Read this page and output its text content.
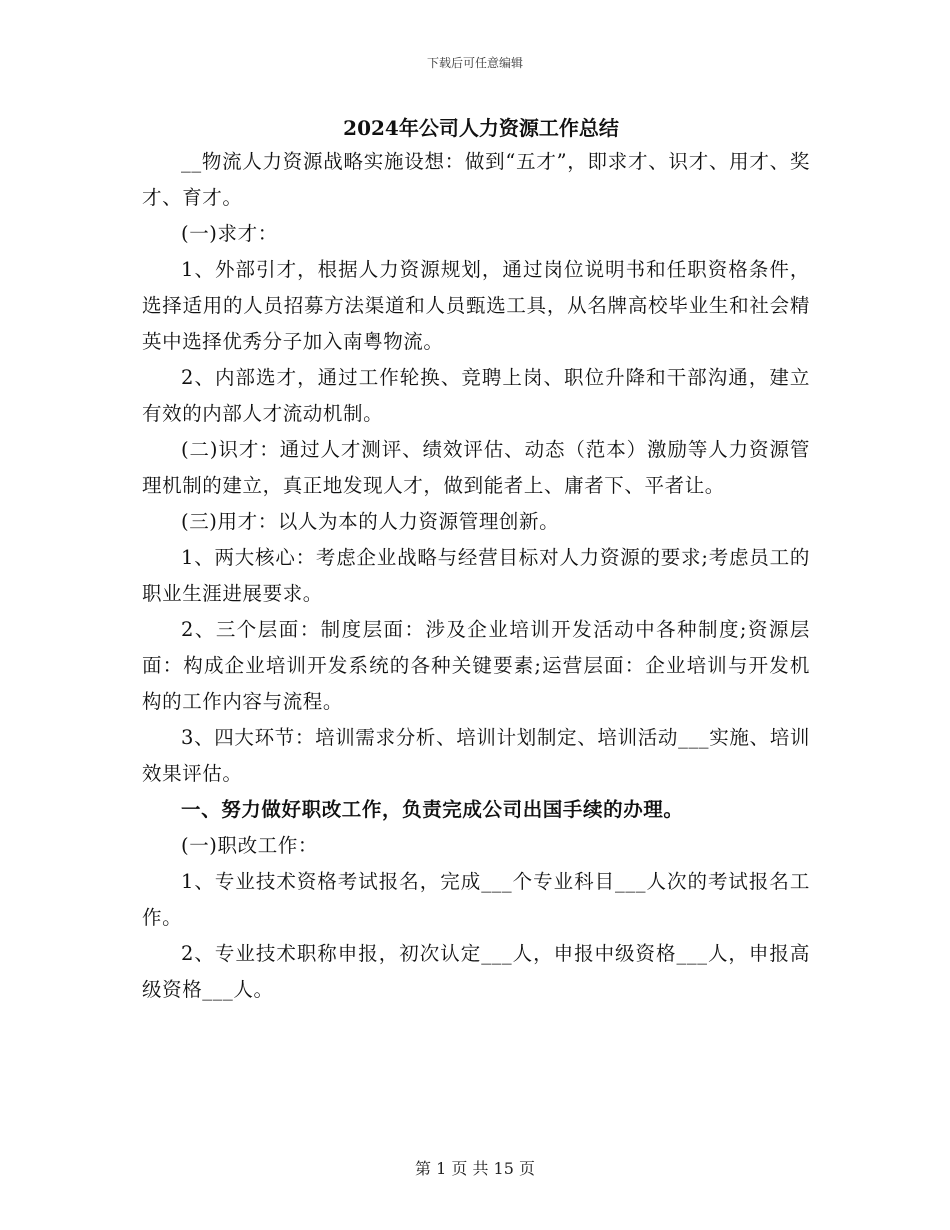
下载后可任意编辑
2024年公司人力资源工作总结

__物流人力资源战略实施设想：做到“五才”，即求才、识才、用才、奖才、育才。

(一)求才：

1、外部引才，根据人力资源规划，通过岗位说明书和任职资格条件，选择适用的人员招募方法渠道和人员甄选工具，从名牌高校毕业生和社会精英中选择优秀分子加入南粤物流。

2、内部选才，通过工作轮换、竞聘上岗、职位升降和干部沟通，建立有效的内部人才流动机制。

(二)识才：通过人才测评、绩效评估、动态（范本）激励等人力资源管理机制的建立，真正地发现人才，做到能者上、庸者下、平者让。

(三)用才：以人为本的人力资源管理创新。

1、两大核心：考虑企业战略与经营目标对人力资源的要求;考虑员工的职业生涯进展要求。

2、三个层面：制度层面：涉及企业培训开发活动中各种制度;资源层面：构成企业培训开发系统的各种关键要素;运营层面：企业培训与开发机构的工作内容与流程。

3、四大环节：培训需求分析、培训计划制定、培训活动___实施、培训效果评估。

一、努力做好职改工作，负责完成公司出国手续的办理。

(一)职改工作：

1、专业技术资格考试报名，完成___个专业科目___人次的考试报名工作。

2、专业技术职称申报，初次认定___人，申报中级资格___人，申报高级资格___人。

第 1 页 共 15 页
